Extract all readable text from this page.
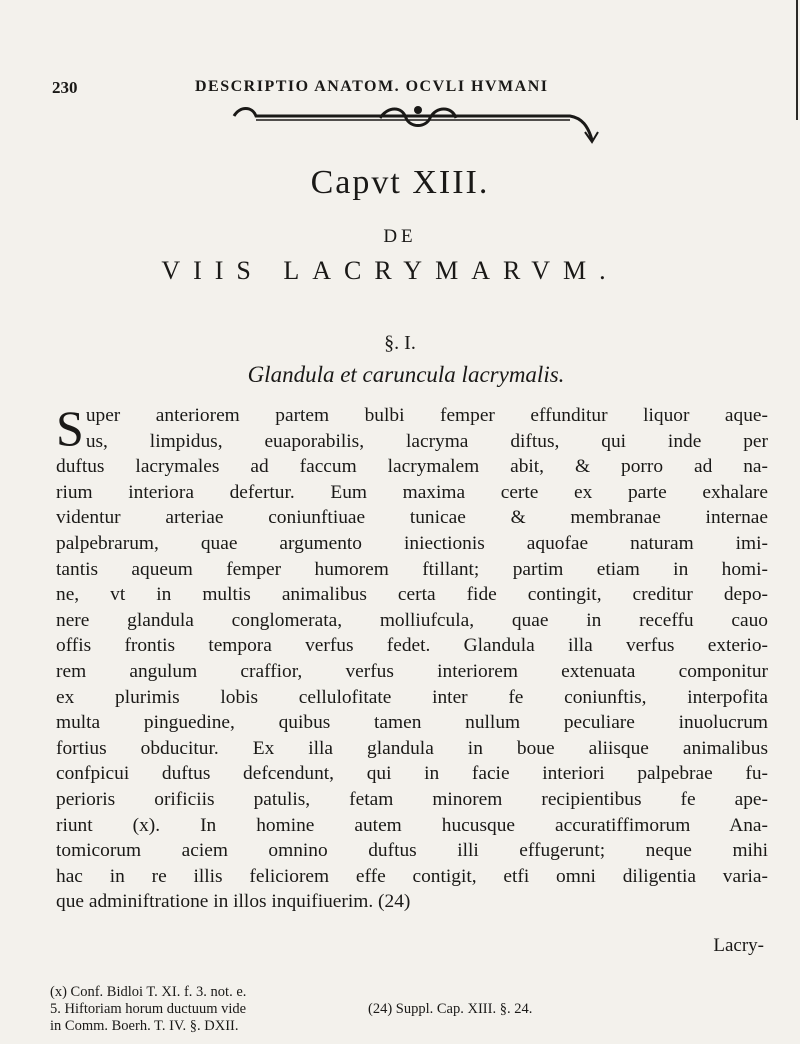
230	DESCRIPTIO ANATOM. OCVLI HVMANI
Capvt XIII.
DE
VIIS LACRYMARVM.
§. I.
Glandula et caruncula lacrymalis.
S uper anteriorem partem bulbi femper effunditur liquor aque-
us, limpidus, euaporabilis, lacryma diftus, qui inde per
duftus lacrymales ad faccum lacrymalem abit, & porro ad na-
rium interiora defertur. Eum maxima certe ex parte exhalare
videntur arteriae coniunftiuae tunicae & membranae internae
palpebrarum, quae argumento iniectionis aquofae naturam imi-
tantis aqueum femper humorem ftillant; partim etiam in homi-
ne, vt in multis animalibus certa fide contingit, creditur depo-
nere glandula conglomerata, molliufcula, quae in receffu cauo
offis frontis tempora verfus fedet. Glandula illa verfus exterio-
rem angulum craffior, verfus interiorem extenuata componitur
ex plurimis lobis cellulofitate inter fe coniunftis, interpofita
multa pinguedine, quibus tamen nullum peculiare inuolucrum
fortius obducitur. Ex illa glandula in boue aliisque animalibus
confpicui duftus defcendunt, qui in facie interiori palpebrae fu-
perioris orificiis patulis, fetam minorem recipientibus fe ape-
riunt (x). In homine autem hucusque accuratiffimorum Ana-
tomicorum aciem omnino duftus illi effugerunt; neque mihi
hac in re illis feliciorem effe contigit, etfi omni diligentia varia-
que adminiftratione in illos inquifiuerim. (24)
Lacry-
(x) Conf. Bidloi T. XI. f. 3. not. e.
5. Hiftoriam horum ductuum vide	(24) Suppl. Cap. XIII. §. 24.
in Comm. Boerh. T. IV. §. DXII.
